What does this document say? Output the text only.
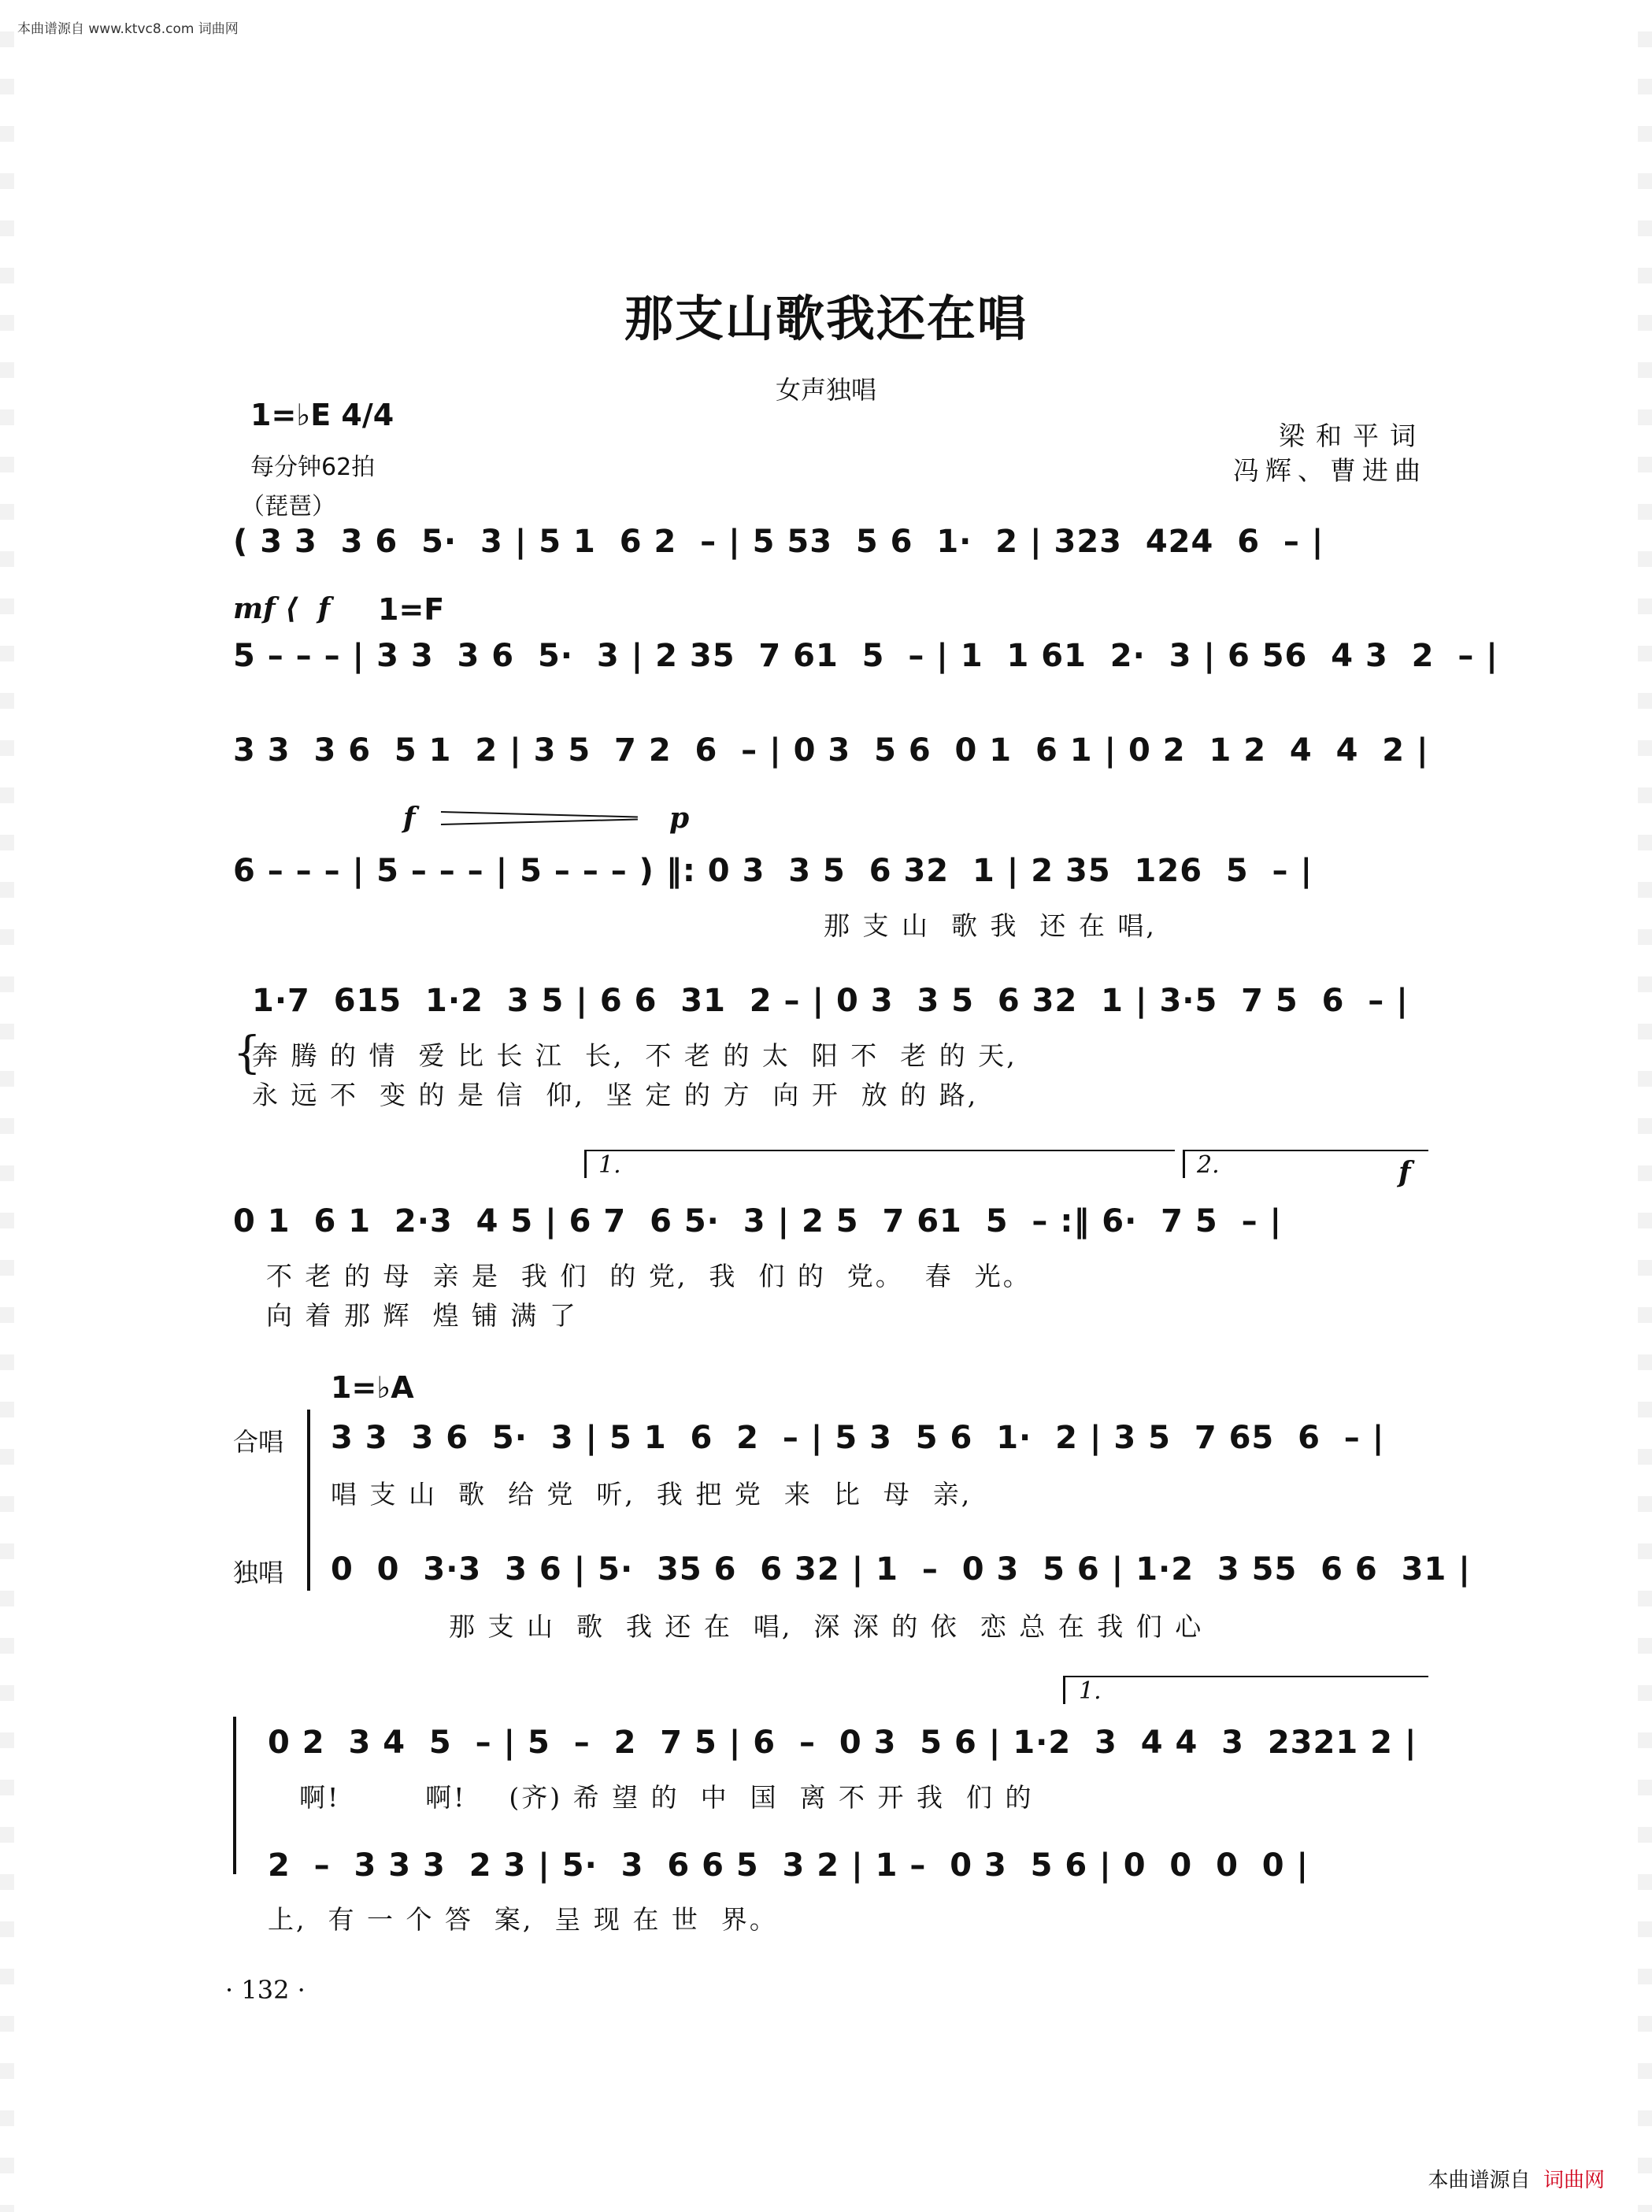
本曲谱源自 www.ktvc8.com 词曲网
那支山歌我还在唱
女声独唱
1=♭E 4/4
每分钟62拍
梁和平词
冯辉、曹进曲
（琵琶）
( 3 3  3 6  5·  3 | 5 1  6 2  – | 5 53  5 6  1·  2 | 323  424  6  – |
mf ⟨  f 1=F
5 – – – | 3 3  3 6  5·  3 | 2 35  7 61  5  – | 1  1 61  2·  3 | 6 56  4 3  2  – |
3 3  3 6  5 1  2 | 3 5  7 2  6  – | 0 3  5 6  0 1  6 1 | 0 2  1 2  4  4  2 |
f	p
6 – – – | 5 – – – | 5 – – – ) ‖: 0 3  3 5  6 32  1 | 2 35  126  5  – |
那 支 山  歌 我  还 在 唱,
1·7  615  1·2  3 5 | 6 6  31  2 – | 0 3  3 5  6 32  1 | 3·5  7 5  6  – |
{
奔 腾 的 情  爱 比 长 江  长,  不 老 的 太  阳 不  老 的 天,
永 远 不  变 的 是 信  仰,  坚 定 的 方  向 开  放 的 路,
1.	2.	f
0 1  6 1  2·3  4 5 | 6 7  6 5·  3 | 2 5  7 61  5  – :‖ 6·  7 5  – |
不 老 的 母  亲 是  我 们  的 党,  我  们 的  党。  春  光。
向 着 那 辉  煌 铺 满 了
1=♭A
合唱 3 3  3 6  5·  3 | 5 1  6  2  – | 5 3  5 6  1·  2 | 3 5  7 65  6  – |
唱 支 山  歌  给 党  听,  我 把 党  来  比  母  亲,
独唱 0  0  3·3  3 6 | 5·  35 6  6 32 | 1  –  0 3  5 6 | 1·2  3 55  6 6  31 |
那 支 山  歌  我 还 在  唱,  深 深 的 依  恋 总 在 我 们 心
1.
0 2  3 4  5  – | 5  –  2  7 5 | 6  –  0 3  5 6 | 1·2  3  4 4  3  2321 2 |
啊!        啊!    (齐) 希 望 的  中  国  离 不 开 我  们 的
2  –  3 3 3  2 3 | 5·  3  6 6 5  3 2 | 1 –  0 3  5 6 | 0  0  0  0 |
上,  有 一 个 答  案,  呈 现 在 世  界。
· 132 ·
本曲谱源自 词曲网
